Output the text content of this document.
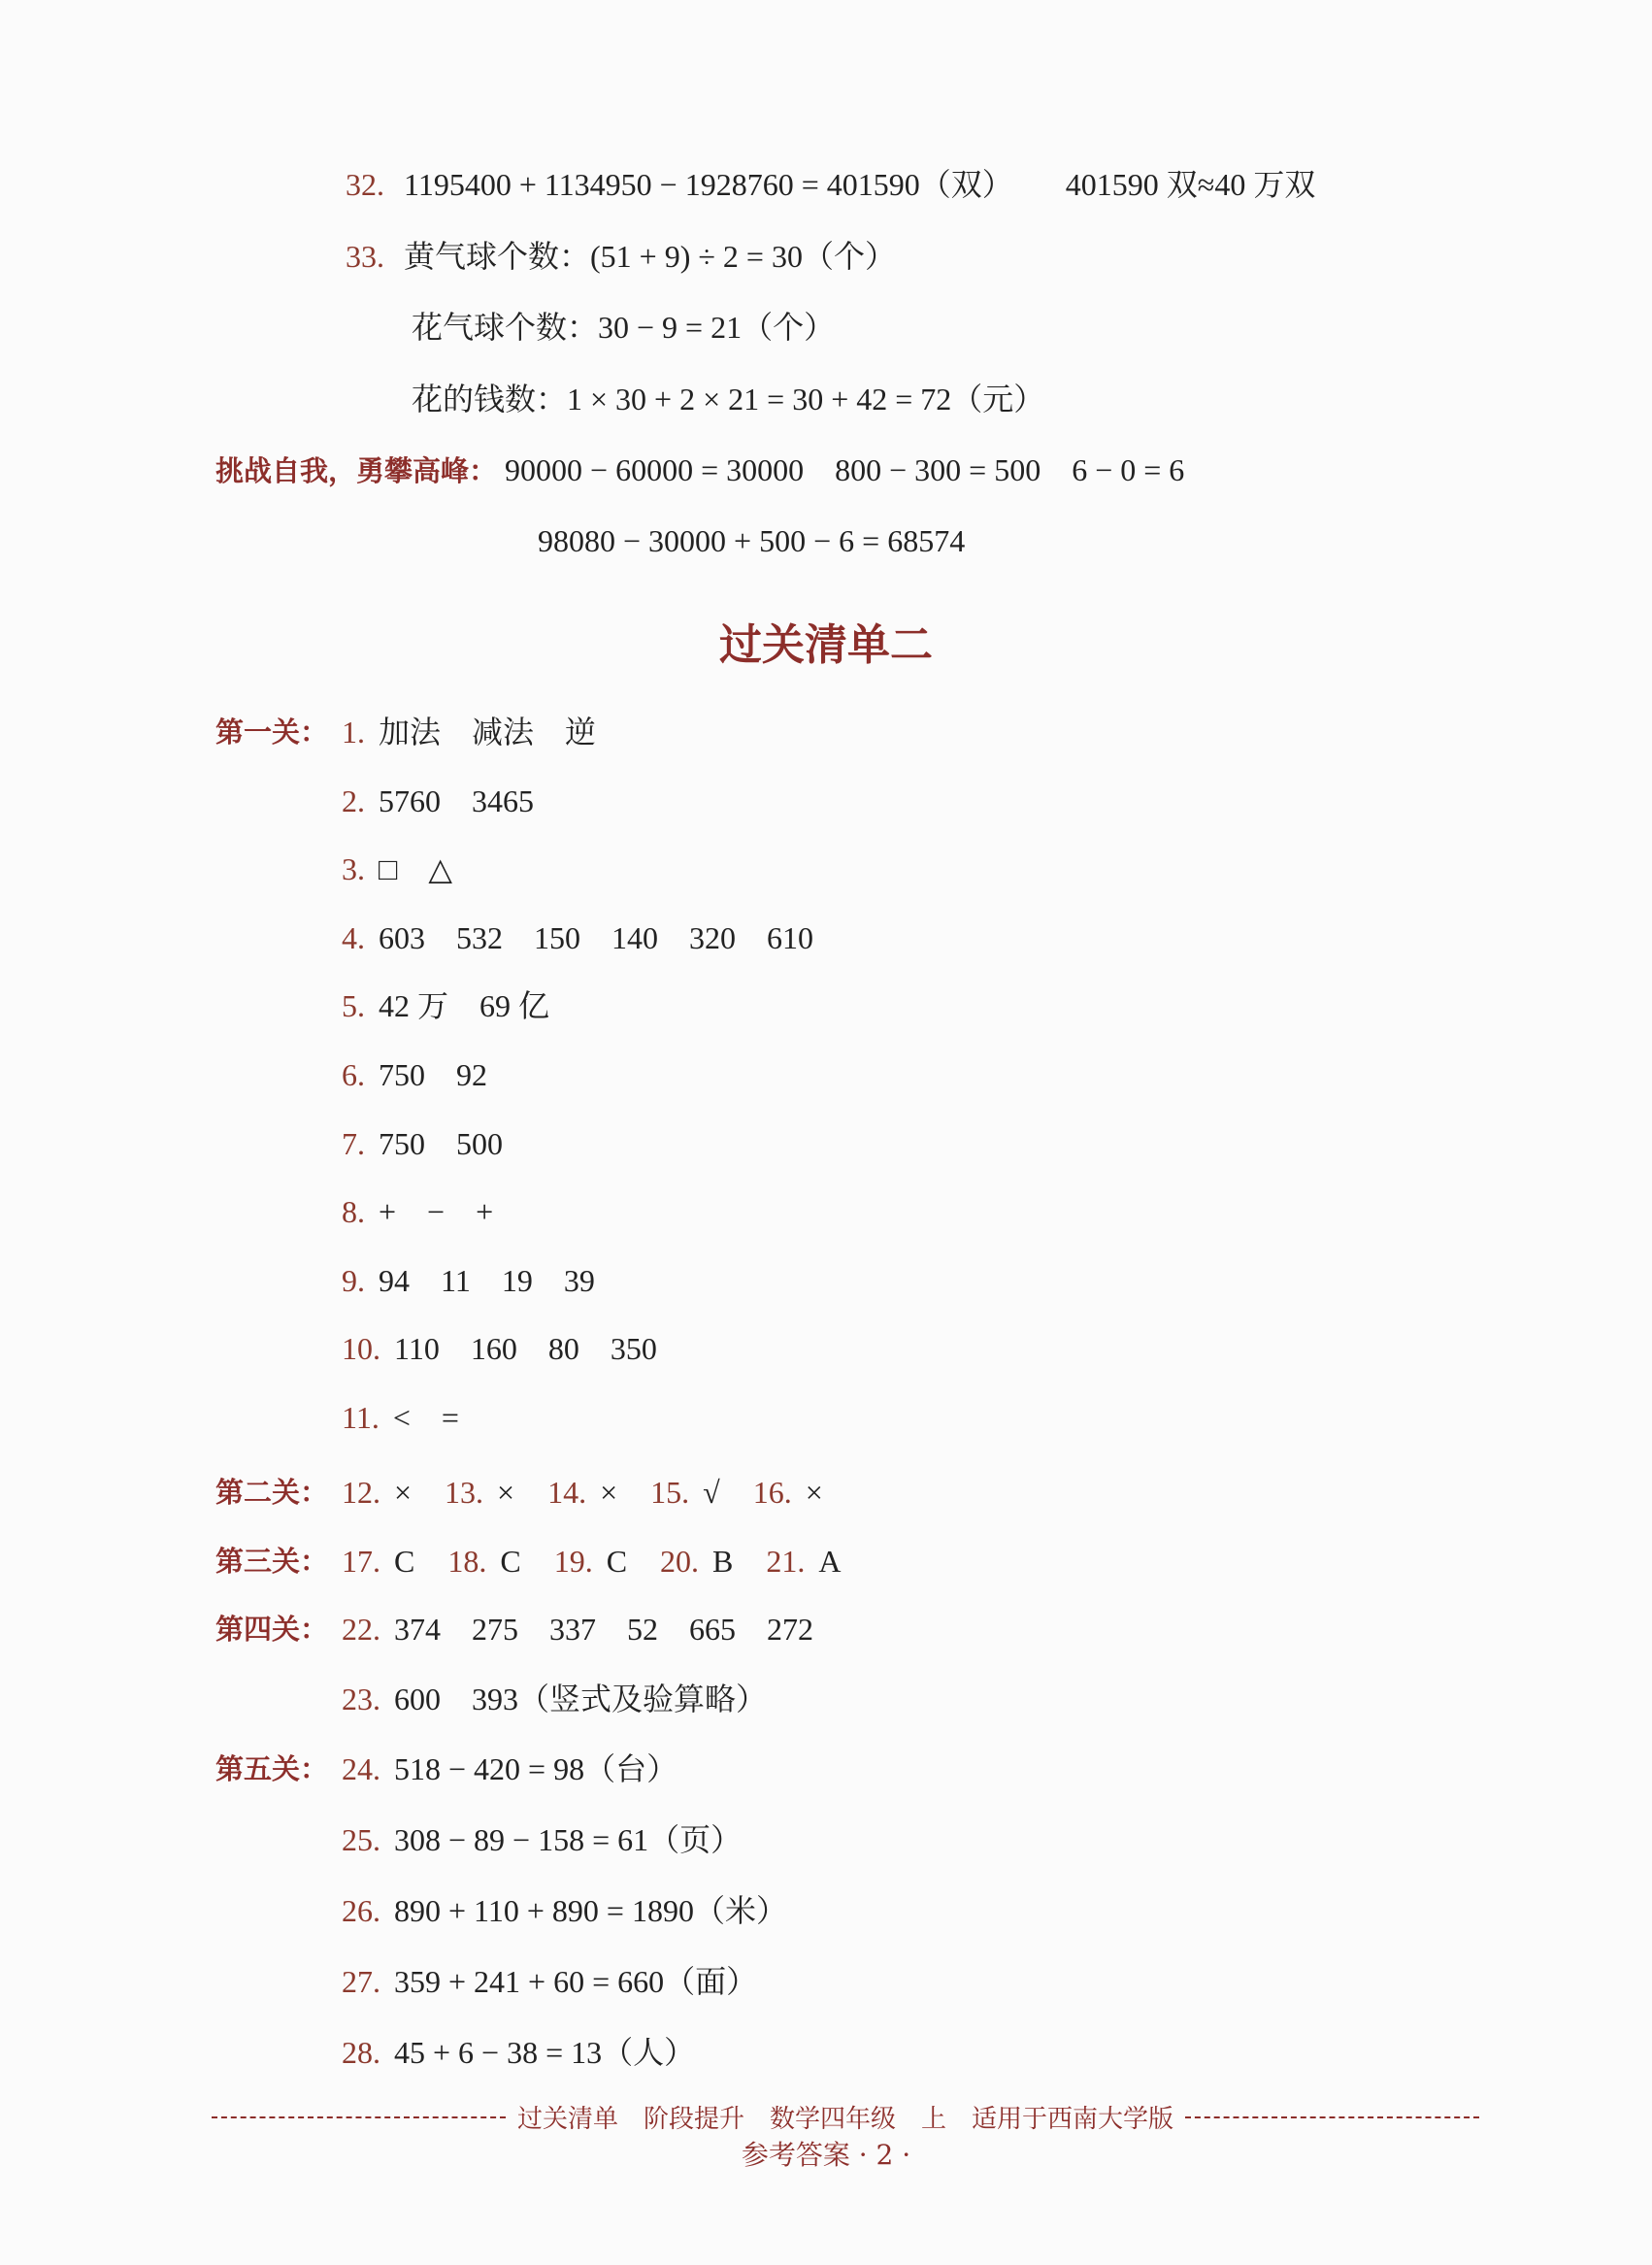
32. 1195400 + 1134950 − 1928760 = 401590（双） 401590 双≈40 万双
33. 黄气球个数：(51 + 9) ÷ 2 = 30（个）
花气球个数：30 − 9 = 21（个）
花的钱数：1 × 30 + 2 × 21 = 30 + 42 = 72（元）
挑战自我，勇攀高峰： 90000 − 60000 = 30000　800 − 300 = 500　6 − 0 = 6
98080 − 30000 + 500 − 6 = 68574
过关清单二
第一关： 1. 加法　减法　逆
2. 5760　3465
3. □　△
4. 603　532　150　140　320　610
5. 42 万　69 亿
6. 750　92
7. 750　500
8. +　−　+
9. 94　11　19　39
10. 110　160　80　350
11. <　=
第二关： 12. × 13. × 14. × 15. √ 16. ×
第三关： 17. C 18. C 19. C 20. B 21. A
第四关： 22. 374　275　337　52　665　272
23. 600　393（竖式及验算略）
第五关： 24. 518 − 420 = 98（台）
25. 308 − 89 − 158 = 61（页）
26. 890 + 110 + 890 = 1890（米）
27. 359 + 241 + 60 = 660（面）
28. 45 + 6 − 38 = 13（人）
过关清单　阶段提升　数学四年级　上　适用于西南大学版
参考答案 · 2 ·
